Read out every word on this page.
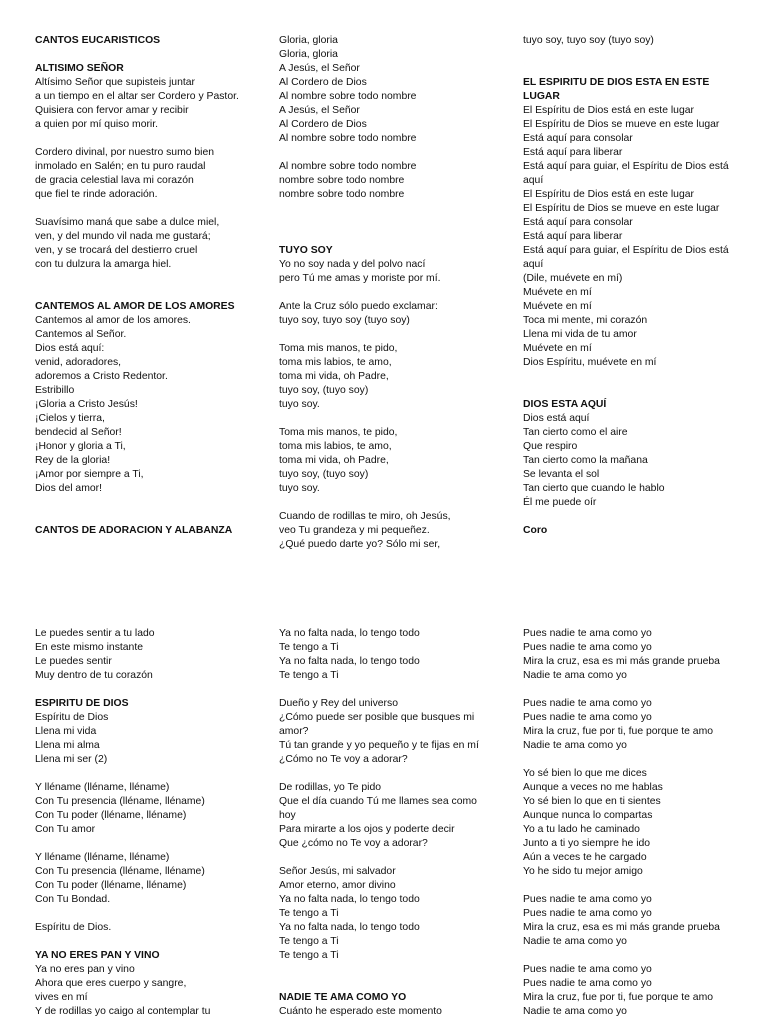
CANTOS EUCARISTICOS
ALTISIMO SEÑOR
Altísimo Señor que supisteis juntar
a un tiempo en el altar ser Cordero y Pastor.
Quisiera con fervor amar y recibir
a quien por mí quiso morir.
Cordero divinal, por nuestro sumo bien
inmolado en Salén; en tu puro raudal
de gracia celestial lava mi corazón
que fiel te rinde adoración.
Suavísimo maná que sabe a dulce miel,
ven, y del mundo vil nada me gustará;
ven, y se trocará del destierro cruel
con tu dulzura la amarga hiel.
CANTEMOS AL AMOR DE LOS AMORES
Cantemos al amor de los amores.
Cantemos al Señor.
Dios está aquí:
venid, adoradores,
adoremos a Cristo Redentor.
Estribillo
¡Gloria a Cristo Jesús!
¡Cielos y tierra,
bendecid al Señor!
¡Honor y gloria a Ti,
Rey de la gloria!
¡Amor por siempre a Ti,
Dios del amor!
CANTOS DE ADORACION Y ALABANZA
Gloria, gloria
Gloria, gloria
A Jesús, el Señor
Al Cordero de Dios
Al nombre sobre todo nombre
A Jesús, el Señor
Al Cordero de Dios
Al nombre sobre todo nombre
Al nombre sobre todo nombre
nombre sobre todo nombre
nombre sobre todo nombre
TUYO SOY
Yo no soy nada y del polvo nací
pero Tú me amas y moriste por mí.
Ante la Cruz sólo puedo exclamar:
tuyo soy, tuyo soy (tuyo soy)
Toma mis manos, te pido,
toma mis labios, te amo,
toma mi vida, oh Padre,
tuyo soy, (tuyo soy)
tuyo soy.
Toma mis manos, te pido,
toma mis labios, te amo,
toma mi vida, oh Padre,
tuyo soy, (tuyo soy)
tuyo soy.
Cuando de rodillas te miro, oh Jesús,
veo Tu grandeza y mi pequeñez.
¿Qué puedo darte yo? Sólo mi ser,
tuyo soy, tuyo soy (tuyo soy)
EL ESPIRITU DE DIOS ESTA EN ESTE LUGAR
El Espíritu de Dios está en este lugar
El Espíritu de Dios se mueve en este lugar
Está aquí para consolar
Está aquí para liberar
Está aquí para guiar, el Espíritu de Dios está aquí
El Espíritu de Dios está en este lugar
El Espíritu de Dios se mueve en este lugar
Está aquí para consolar
Está aquí para liberar
Está aquí para guiar, el Espíritu de Dios está aquí
(Dile, muévete en mí)
Muévete en mí
Muévete en mí
Toca mi mente, mi corazón
Llena mi vida de tu amor
Muévete en mí
Dios Espíritu, muévete en mí
DIOS ESTA AQUÍ
Dios está aquí
Tan cierto como el aire
Que respiro
Tan cierto como la mañana
Se levanta el sol
Tan cierto que cuando le hablo
Él me puede oír
Coro
Le puedes sentir a tu lado
En este mismo instante
Le puedes sentir
Muy dentro de tu corazón
ESPIRITU DE DIOS
Espíritu de Dios
Llena mi vida
Llena mi alma
Llena mi ser (2)
Y lléname (lléname, lléname)
Con Tu presencia (lléname, lléname)
Con Tu poder (lléname, lléname)
Con Tu amor
Y lléname (lléname, lléname)
Con Tu presencia (lléname, lléname)
Con Tu poder (lléname, lléname)
Con Tu Bondad.
Espíritu de Dios.
YA NO ERES PAN Y VINO
Ya no eres pan y vino
Ahora que eres cuerpo y sangre,
vives en mí
Y de rodillas yo caigo al contemplar tu
Ya no falta nada, lo tengo todo
Te tengo a Ti
Ya no falta nada, lo tengo todo
Te tengo a Ti
Dueño y Rey del universo
¿Cómo puede ser posible que busques mi amor?
Tú tan grande y yo pequeño y te fijas en mí
¿Cómo no Te voy a adorar?
De rodillas, yo Te pido
Que el día cuando Tú me llames sea como hoy
Para mirarte a los ojos y poderte decir
Que ¿cómo no Te voy a adorar?
Señor Jesús, mi salvador
Amor eterno, amor divino
Ya no falta nada, lo tengo todo
Te tengo a Ti
Ya no falta nada, lo tengo todo
Te tengo a Ti
Te tengo a Ti
NADIE TE AMA COMO YO
Cuánto he esperado este momento
Pues nadie te ama como yo
Pues nadie te ama como yo
Mira la cruz, esa es mi más grande prueba
Nadie te ama como yo
Pues nadie te ama como yo
Pues nadie te ama como yo
Mira la cruz, fue por ti, fue porque te amo
Nadie te ama como yo
Yo sé bien lo que me dices
Aunque a veces no me hablas
Yo sé bien lo que en ti sientes
Aunque nunca lo compartas
Yo a tu lado he caminado
Junto a ti yo siempre he ido
Aún a veces te he cargado
Yo he sido tu mejor amigo
Pues nadie te ama como yo
Pues nadie te ama como yo
Mira la cruz, esa es mi más grande prueba
Nadie te ama como yo
Pues nadie te ama como yo
Pues nadie te ama como yo
Mira la cruz, fue por ti, fue porque te amo
Nadie te ama como yo
